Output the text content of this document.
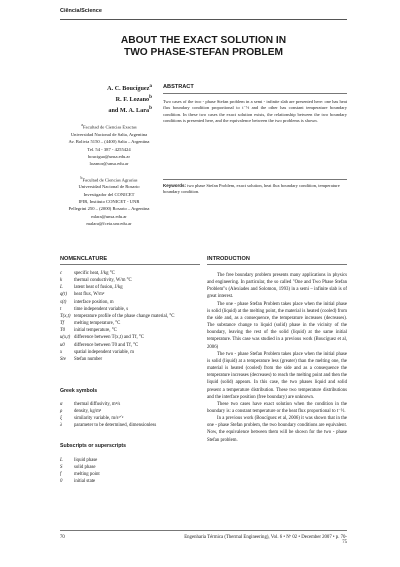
Ciência/Science
ABOUT THE EXACT SOLUTION IN
TWO PHASE-STEFAN PROBLEM
A. C. Boucíguez$^a$
R. F. Lozano$^b$
and M. A. Lara$^b$
$^a$Facultad de Ciencias Exactas
Universidad Nacional de Salta, Argentina
Av. Bolivia 5150 – (4400) Salta – Argentina
Tel. 54 - 387 - 4255424
boucigua@unsa.edu.ar
lozanor@unsa.edu.ar
$^b$Facultad de Ciencias Agrarias
Universidad Nacional de Rosario
Investigador del CONICET
IFIR, Instituto CONICET - UNR
Pellegrini 250 – (2000) Rosario – Argentina
mlara@unsa.edu.ar
malara@fceia.unr.edu.ar
ABSTRACT
Two cases of the two - phase Stefan problem in a semi - infinite slab are presented here: one has heat flux boundary condition proportional to t⁻½ and the other has constant temperature boundary condition. In these two cases the exact solution exists, the relationship between the two boundary conditions is presented here, and the equivalence between the two problems is shown.
Keywords: two phase Stefan Problem, exact solution, heat flux boundary condition, temperature boundary condition.
NOMENCLATURE
c	specific heat, J/kg °C
k	thermal conductivity, W/m °C
L	latent heat of fusion, J/kg
q(t)	heat flux, W/m²
s(t)	interface position, m
t	time independent variable, s
T(x,t) temperature profile of the phase change material, °C
Tf	melting temperature, °C
T0	initial temperature, °C
u(x,t) difference between T(x,t) and Tf, °C
u0	difference between T0 and Tf, °C
x	spatial independent variable, m
Ste	Stefan number
Greek symbols
α	thermal diffusivity, m²/s
ρ	density, kg/m³
ξ	similarity variable, m/s¹ᐟ²
λ	parameter to be determined, dimensionless
Subscripts or superscripts
L	liquid phase
S	solid phase
f	melting point
0	initial state
INTRODUCTION

The free boundary problem presents many applications in physics and engineering. In particular, the so called "One and Two Phase Stefan Problem"s (Alexiades and Solomon, 1993) in a semi – infinite slab is of great interest.

The one - phase Stefan Problem takes place when the initial phase is solid (liquid) at the melting point, the material is heated (cooled) from the side and, as a consequence, the temperature increases (decreases). The substance change to liquid (solid) phase in the vicinity of the boundary, leaving the rest of the solid (liquid) at the same initial temperature. This case was studied in a previous work (Boucíguez et al, 2006)

The two - phase Stefan Problem takes place when the initial phase is solid (liquid) at a temperature less (greater) than the melting one, the material is heated (cooled) from the side and as a consequence the temperature increases (decreases) to reach the melting point and then the liquid (solid) appears. In this case, the two phases liquid and solid present a temperature distribution. These two temperature distributions and the interface position (free boundary) are unknown.

These two cases have exact solution when the condition in the boundary is: a constant temperature or the heat flux proportional to t⁻½.

In a previous work (Boucíguez et al, 2006) it was shown that in the one - phase Stefan problem, the two boundary conditions are equivalent. Now, the equivalence between them will be shown for the two - phase Stefan problem.

70	Engenharia Térmica (Thermal Engineering), Vol. 6 • Nº 02 • December 2007 • p. 70-75
